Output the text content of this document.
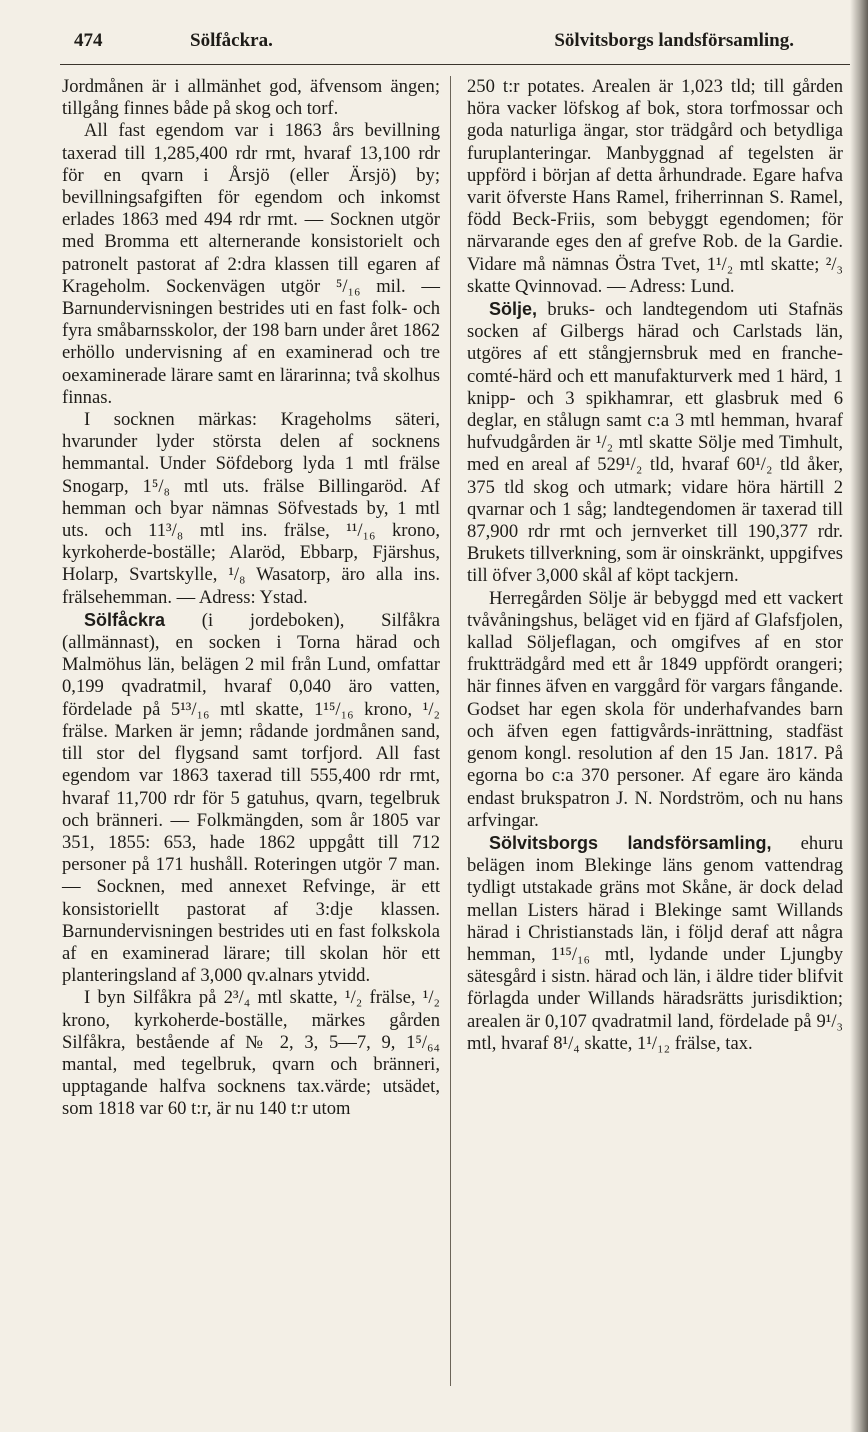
474	Sölfåckra.	Sölvitsborgs landsförsamling.

Jordmånen är i allmänhet god, äfvensom ängen; tillgång finnes både på skog och torf.

All fast egendom var i 1863 års bevillning taxerad till 1,285,400 rdr rmt, hvaraf 13,100 rdr för en qvarn i Årsjö (eller Ärsjö) by; bevillningsafgiften för egendom och inkomst erlades 1863 med 494 rdr rmt. — Socknen utgör med Bromma ett alternerande konsistorielt och patronelt pastorat af 2:dra klassen till egaren af Krageholm. Sockenvägen utgör ⁵/₁₆ mil. — Barnundervisningen bestrides uti en fast folk- och fyra småbarnsskolor, der 198 barn under året 1862 erhöllo undervisning af en examinerad och tre oexaminerade lärare samt en lärarinna; två skolhus finnas.

I socknen märkas: Krageholms säteri, hvarunder lyder största delen af socknens hemmantal. Under Söfdeborg lyda 1 mtl frälse Snogarp, 1⁵/₈ mtl uts. frälse Billingaröd. Af hemman och byar nämnas Söfvestads by, 1 mtl uts. och 11³/₈ mtl ins. frälse, ¹¹/₁₆ krono, kyrkoherde-boställe; Alaröd, Ebbarp, Fjärshus, Holarp, Svartskylle, ¹/₈ Wasatorp, äro alla ins. frälsehemman. — Adress: Ystad.

Sölfåckra (i jordeboken), Silfåkra (allmännast), en socken i Torna härad och Malmöhus län, belägen 2 mil från Lund, omfattar 0,199 qvadratmil, hvaraf 0,040 äro vatten, fördelade på 5¹³/₁₆ mtl skatte, 1¹⁵/₁₆ krono, ¹/₂ frälse. Marken är jemn; rådande jordmånen sand, till stor del flygsand samt torfjord. All fast egendom var 1863 taxerad till 555,400 rdr rmt, hvaraf 11,700 rdr för 5 gatuhus, qvarn, tegelbruk och bränneri. — Folkmängden, som år 1805 var 351, 1855: 653, hade 1862 uppgått till 712 personer på 171 hushåll. Roteringen utgör 7 man. — Socknen, med annexet Refvinge, är ett konsistoriellt pastorat af 3:dje klassen. Barnundervisningen bestrides uti en fast folkskola af en examinerad lärare; till skolan hör ett planteringsland af 3,000 qv.alnars ytvidd.

I byn Silfåkra på 2³/₄ mtl skatte, ¹/₂ frälse, ¹/₂ krono, kyrkoherde-boställe, märkes gården Silfåkra, bestående af № 2, 3, 5—7, 9, 1⁵/₆₄ mantal, med tegelbruk, qvarn och bränneri, upptagande halfva socknens tax.värde; utsädet, som 1818 var 60 t:r, är nu 140 t:r utom

250 t:r potates. Arealen är 1,023 tld; till gården höra vacker löfskog af bok, stora torfmossar och goda naturliga ängar, stor trädgård och betydliga furuplanteringar. Manbyggnad af tegelsten är uppförd i början af detta århundrade. Egare hafva varit öfverste Hans Ramel, friherrinnan S. Ramel, född Beck-Friis, som bebyggt egendomen; för närvarande eges den af grefve Rob. de la Gardie. Vidare må nämnas Östra Tvet, 1¹/₂ mtl skatte; ²/₃ skatte Qvinnovad. — Adress: Lund.

Sölje, bruks- och landtegendom uti Stafnäs socken af Gilbergs härad och Carlstads län, utgöres af ett stångjernsbruk med en franche-comté-härd och ett manufakturverk med 1 härd, 1 knipp- och 3 spikhamrar, ett glasbruk med 6 deglar, en stålugn samt c:a 3 mtl hemman, hvaraf hufvudgården är ¹/₂ mtl skatte Sölje med Timhult, med en areal af 529¹/₂ tld, hvaraf 60¹/₂ tld åker, 375 tld skog och utmark; vidare höra härtill 2 qvarnar och 1 såg; landtegendomen är taxerad till 87,900 rdr rmt och jernverket till 190,377 rdr. Brukets tillverkning, som är oinskränkt, uppgifves till öfver 3,000 skål af köpt tackjern.

Herregården Sölje är bebyggd med ett vackert tvåvåningshus, beläget vid en fjärd af Glafsfjolen, kallad Söljeflagan, och omgifves af en stor fruktträdgård med ett år 1849 uppfördt orangeri; här finnes äfven en varggård för vargars fångande. Godset har egen skola för underhafvandes barn och äfven egen fattigvårds-inrättning, stadfäst genom kongl. resolution af den 15 Jan. 1817. På egorna bo c:a 370 personer. Af egare äro kända endast brukspatron J. N. Nordström, och nu hans arfvingar.

Sölvitsborgs landsförsamling, ehuru belägen inom Blekinge läns genom vattendrag tydligt utstakade gräns mot Skåne, är dock delad mellan Listers härad i Blekinge samt Willands härad i Christianstads län, i följd deraf att några hemman, 1¹⁵/₁₆ mtl, lydande under Ljungby sätesgård i sistn. härad och län, i äldre tider blifvit förlagda under Willands häradsrätts jurisdiktion; arealen är 0,107 qvadratmil land, fördelade på 9¹/₃ mtl, hvaraf 8¹/₄ skatte, 1¹/₁₂ frälse, tax.
